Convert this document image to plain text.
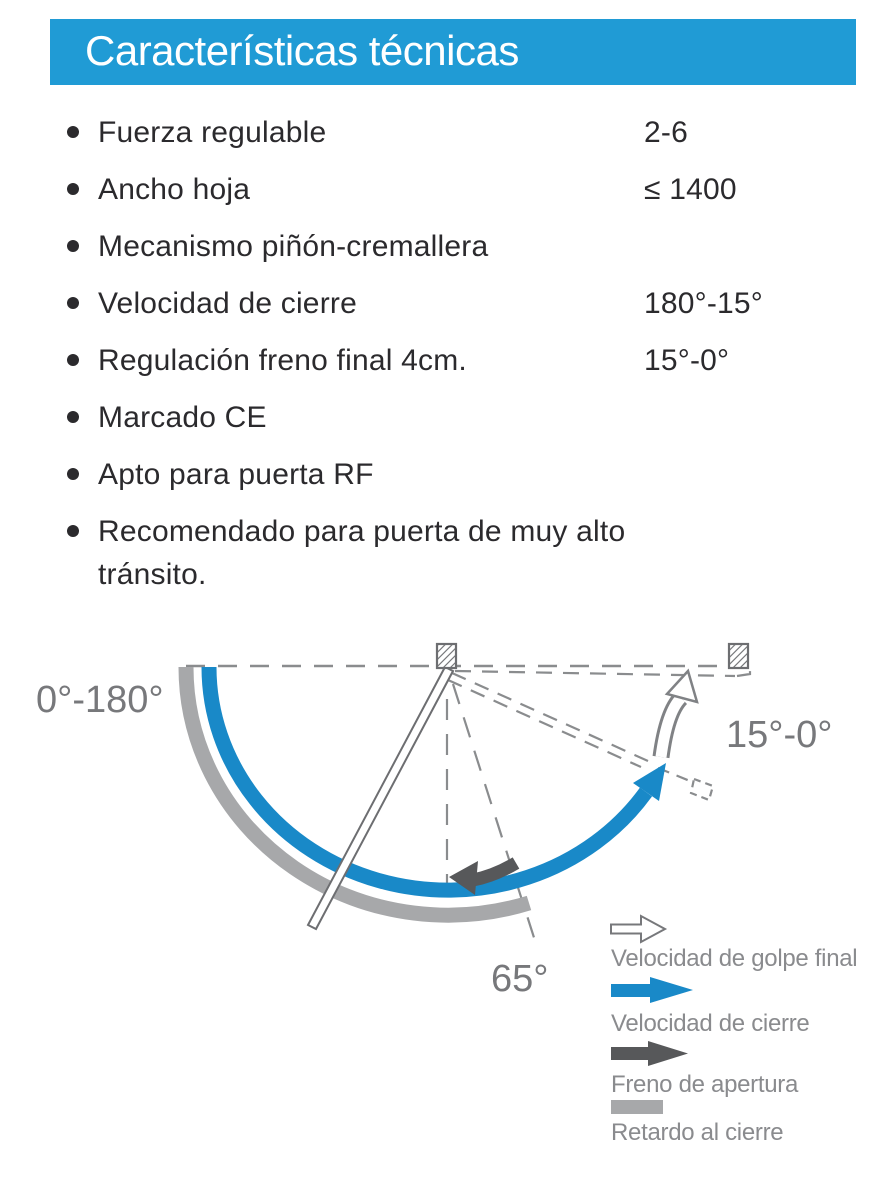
Características técnicas
Fuerza regulable	2-6
Ancho hoja	≤ 1400
Mecanismo piñón-cremallera
Velocidad de cierre	180°-15°
Regulación freno final 4cm.	15°-0°
Marcado CE
Apto para puerta RF
Recomendado para puerta de muy alto tránsito.
0°-180°
15°-0°
65°	Velocidad de golpe final
Velocidad de cierre
Freno de apertura
Retardo al cierre
